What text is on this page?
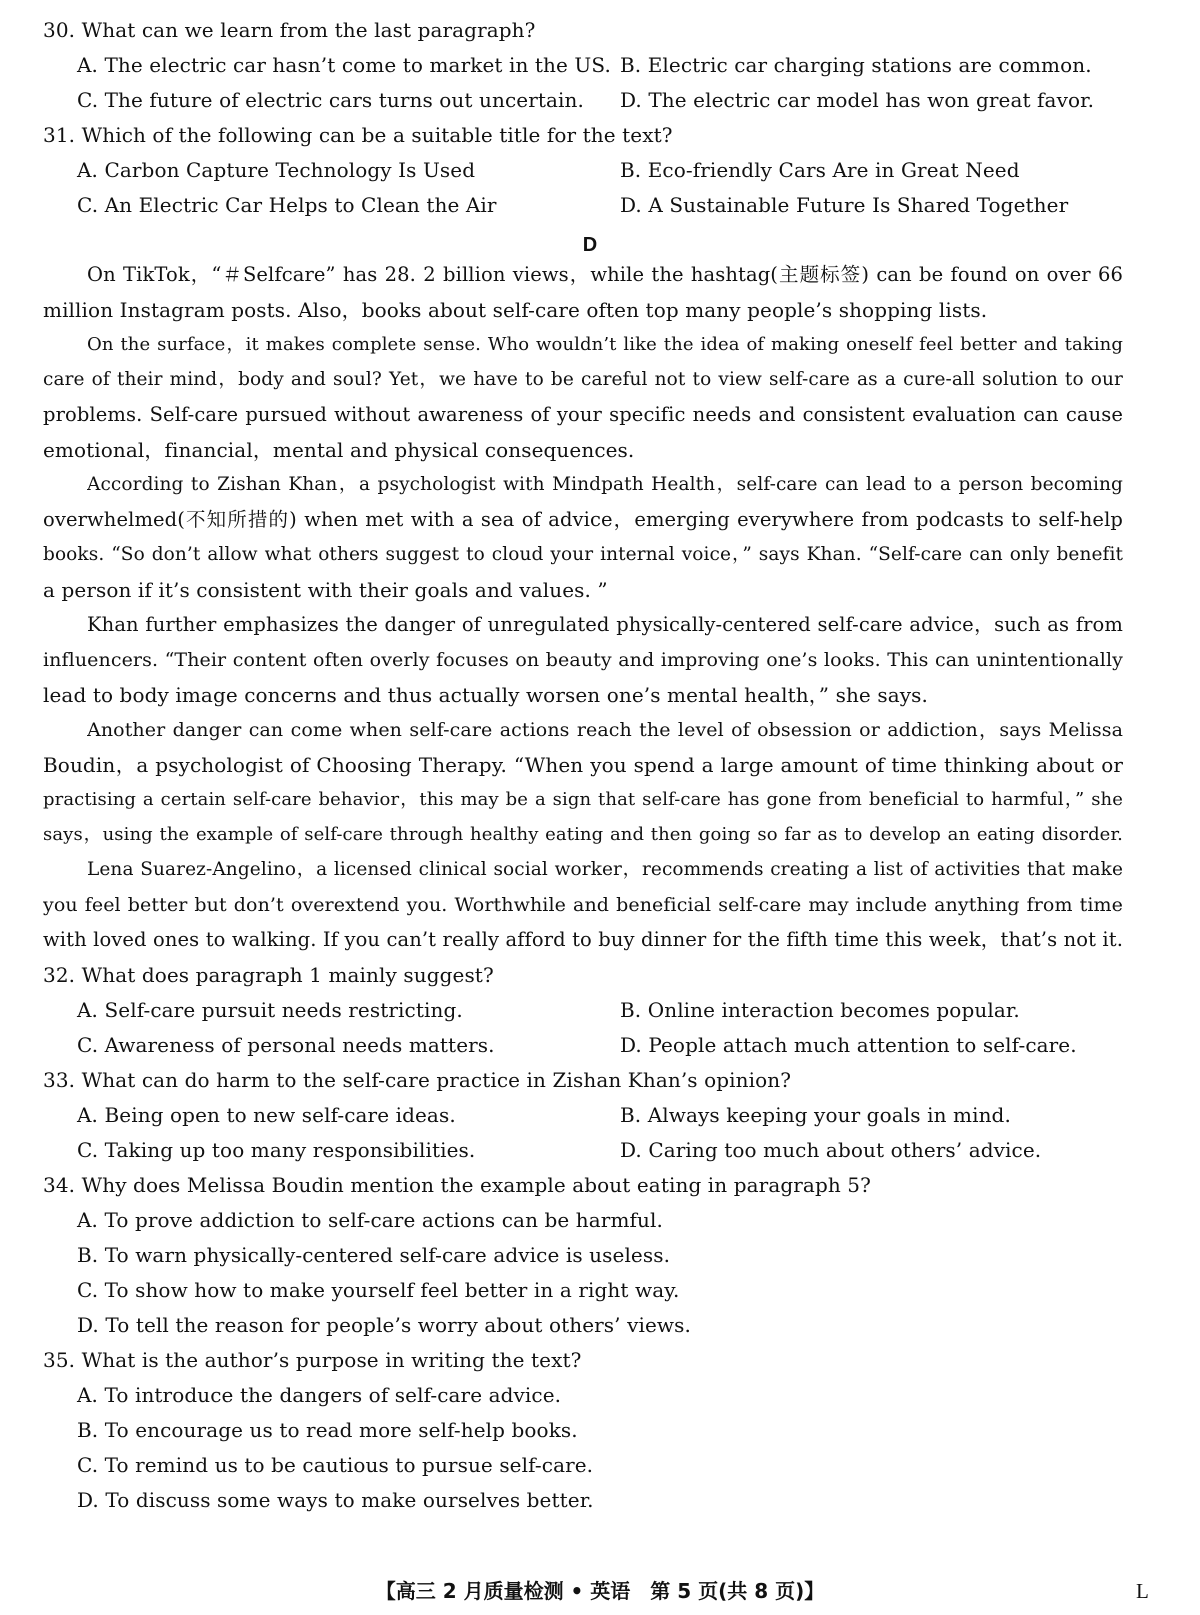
30. What can we learn from the last paragraph?
A. The electric car hasn’t come to market in the US. B. Electric car charging stations are common.
C. The future of electric cars turns out uncertain. D. The electric car model has won great favor.
31. Which of the following can be a suitable title for the text?
A. Carbon Capture Technology Is Used	B. Eco-friendly Cars Are in Great Need
C. An Electric Car Helps to Clean the Air	D. A Sustainable Future Is Shared Together
D
On TikTok，“＃Selfcare” has 28. 2 billion views，while the hashtag(主题标签) can be found on over 66
million Instagram posts. Also，books about self-care often top many people’s shopping lists.
On the surface，it makes complete sense. Who wouldn’t like the idea of making oneself feel better and taking
care of their mind，body and soul? Yet，we have to be careful not to view self-care as a cure-all solution to our
problems. Self-care pursued without awareness of your specific needs and consistent evaluation can cause
emotional，financial，mental and physical consequences.
According to Zishan Khan，a psychologist with Mindpath Health，self-care can lead to a person becoming
overwhelmed(不知所措的) when met with a sea of advice，emerging everywhere from podcasts to self-help
books. “So don’t allow what others suggest to cloud your internal voice，” says Khan. “Self-care can only benefit
a person if it’s consistent with their goals and values. ”
Khan further emphasizes the danger of unregulated physically-centered self-care advice，such as from
influencers. “Their content often overly focuses on beauty and improving one’s looks. This can unintentionally
lead to body image concerns and thus actually worsen one’s mental health，” she says.
Another danger can come when self-care actions reach the level of obsession or addiction，says Melissa
Boudin，a psychologist of Choosing Therapy. “When you spend a large amount of time thinking about or
practising a certain self-care behavior，this may be a sign that self-care has gone from beneficial to harmful，” she
says，using the example of self-care through healthy eating and then going so far as to develop an eating disorder.
Lena Suarez-Angelino，a licensed clinical social worker，recommends creating a list of activities that make
you feel better but don’t overextend you. Worthwhile and beneficial self-care may include anything from time
with loved ones to walking. If you can’t really afford to buy dinner for the fifth time this week，that’s not it.
32. What does paragraph 1 mainly suggest?
A. Self-care pursuit needs restricting.	B. Online interaction becomes popular.
C. Awareness of personal needs matters.	D. People attach much attention to self-care.
33. What can do harm to the self-care practice in Zishan Khan’s opinion?
A. Being open to new self-care ideas.	B. Always keeping your goals in mind.
C. Taking up too many responsibilities.	D. Caring too much about others’ advice.
34. Why does Melissa Boudin mention the example about eating in paragraph 5?
A. To prove addiction to self-care actions can be harmful.
B. To warn physically-centered self-care advice is useless.
C. To show how to make yourself feel better in a right way.
D. To tell the reason for people’s worry about others’ views.
35. What is the author’s purpose in writing the text?
A. To introduce the dangers of self-care advice.
B. To encourage us to read more self-help books.
C. To remind us to be cautious to pursue self-care.
D. To discuss some ways to make ourselves better.
【高三 2 月质量检测 • 英语　第 5 页(共 8 页)】	L
